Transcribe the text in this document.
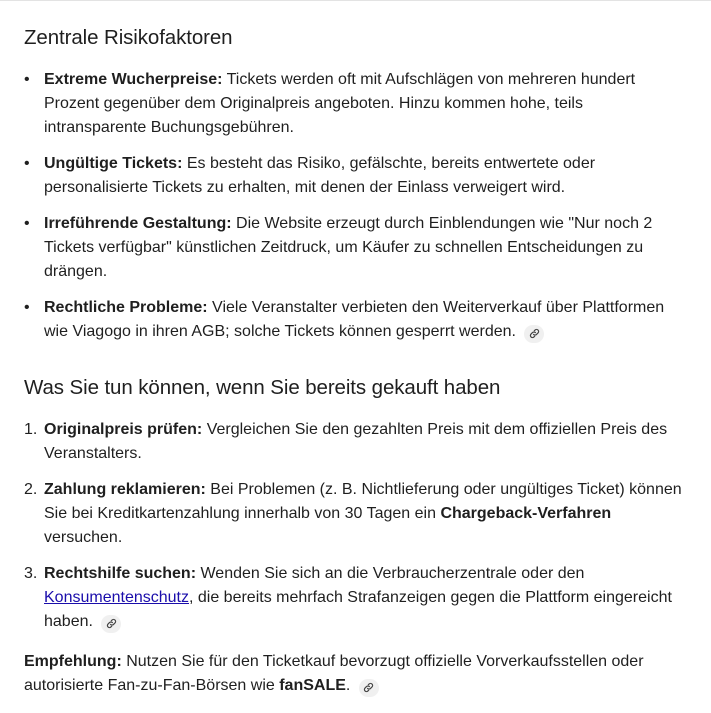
Zentrale Risikofaktoren
• Extreme Wucherpreise: Tickets werden oft mit Aufschlägen von mehreren hundert Prozent gegenüber dem Originalpreis angeboten. Hinzu kommen hohe, teils intransparente Buchungsgebühren.
• Ungültige Tickets: Es besteht das Risiko, gefälschte, bereits entwertete oder personalisierte Tickets zu erhalten, mit denen der Einlass verweigert wird.
• Irreführende Gestaltung: Die Website erzeugt durch Einblendungen wie "Nur noch 2 Tickets verfügbar" künstlichen Zeitdruck, um Käufer zu schnellen Entscheidungen zu drängen.
• Rechtliche Probleme: Viele Veranstalter verbieten den Weiterverkauf über Plattformen wie Viagogo in ihren AGB; solche Tickets können gesperrt werden.
Was Sie tun können, wenn Sie bereits gekauft haben
1. Originalpreis prüfen: Vergleichen Sie den gezahlten Preis mit dem offiziellen Preis des Veranstalters.
2. Zahlung reklamieren: Bei Problemen (z. B. Nichtlieferung oder ungültiges Ticket) können Sie bei Kreditkartenzahlung innerhalb von 30 Tagen ein Chargeback-Verfahren versuchen.
3. Rechtshilfe suchen: Wenden Sie sich an die Verbraucherzentrale oder den Konsumentenschutz, die bereits mehrfach Strafanzeigen gegen die Plattform eingereicht haben.

Empfehlung: Nutzen Sie für den Ticketkauf bevorzugt offizielle Vorverkaufsstellen oder autorisierte Fan-zu-Fan-Börsen wie fanSALE.
